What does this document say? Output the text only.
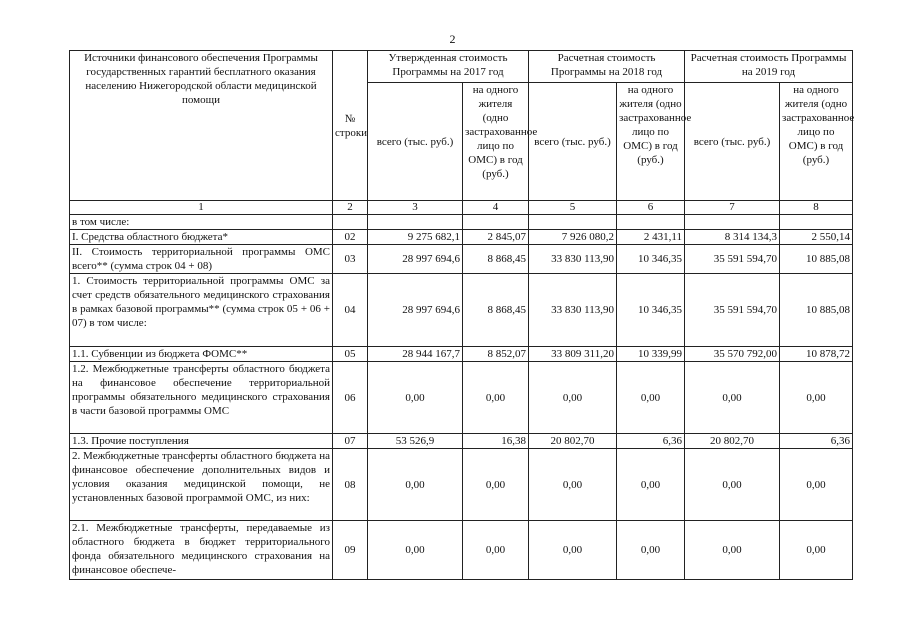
2
Источники финансового обеспечения Программы государственных гарантий бесплатного оказания населению Нижегородской области медицинской помощи	№ строки	Утвержденная стоимость Программы на 2017 год		Расчетная стоимость Программы на 2018 год		Расчетная стоимость Программы на 2019 год	
		всего (тыс. руб.)	на одного жителя (одно застрахованное лицо по ОМС) в год (руб.)	всего (тыс. руб.)	на одного жителя (одно застрахованное лицо по ОМС) в год (руб.)	всего (тыс. руб.)	на одного жителя (одно застрахованное лицо по ОМС) в год (руб.)
1	2	3	4	5	6	7	8
в том числе:							
I. Средства областного бюджета*	02	9 275 682,1	2 845,07	7 926 080,2	2 431,11	8 314 134,3	2 550,14
II. Стоимость территориальной программы ОМС всего** (сумма строк 04 + 08)	03	28 997 694,6	8 868,45	33 830 113,90	10 346,35	35 591 594,70	10 885,08
1. Стоимость территориальной программы ОМС за счет средств обязательного медицинского страхования в рамках базовой программы** (сумма строк 05 + 06 + 07) в том числе:	04	28 997 694,6	8 868,45	33 830 113,90	10 346,35	35 591 594,70	10 885,08
1.1. Субвенции из бюджета ФОМС**	05	28 944 167,7	8 852,07	33 809 311,20	10 339,99	35 570 792,00	10 878,72
1.2. Межбюджетные трансферты областного бюджета на финансовое обеспечение территориальной программы обязательного медицинского страхования в части базовой программы ОМС	06	0,00	0,00	0,00	0,00	0,00	0,00
1.3. Прочие поступления	07	53 526,9	16,38	20 802,70	6,36	20 802,70	6,36
2. Межбюджетные трансферты областного бюджета на финансовое обеспечение дополнительных видов и условия оказания медицинской помощи, не установленных базовой программой ОМС, из них:	08	0,00	0,00	0,00	0,00	0,00	0,00
2.1. Межбюджетные трансферты, передаваемые из областного бюджета в бюджет территориального фонда обязательного медицинского страхования на финансовое обеспече-	09	0,00	0,00	0,00	0,00	0,00	0,00
